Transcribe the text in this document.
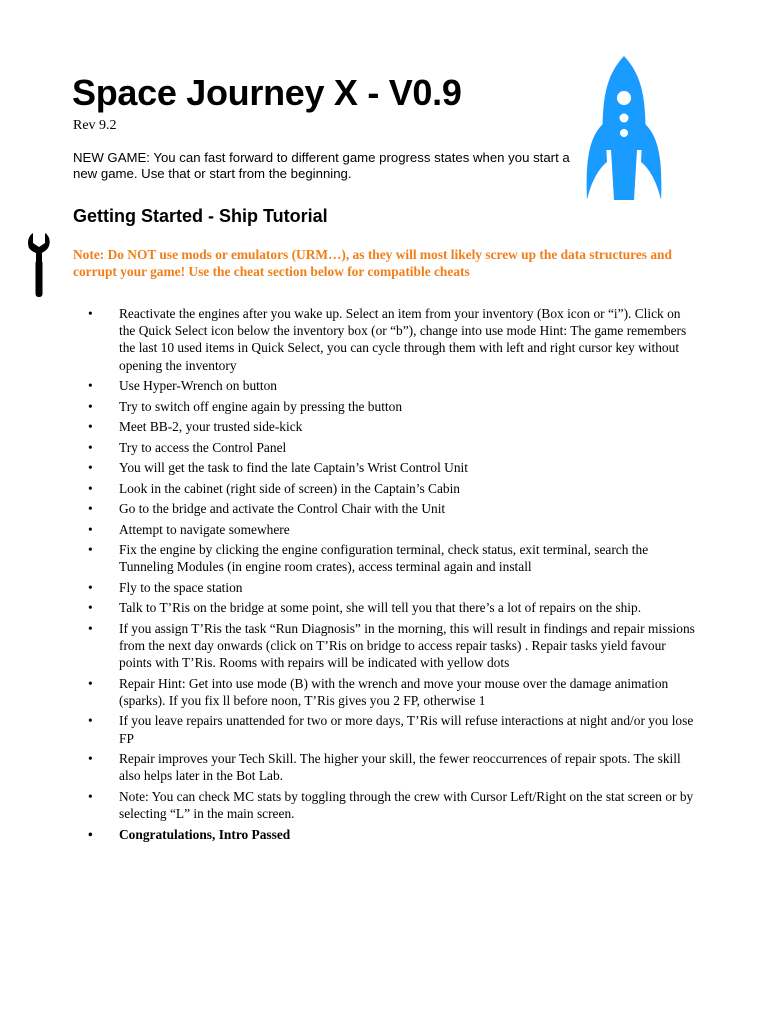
Space Journey X - V0.9
Rev 9.2
NEW GAME: You can fast forward to different game progress states when you start a new game. Use that or start from the beginning.
Getting Started - Ship Tutorial
Note: Do NOT use mods or emulators (URM…), as they will most likely screw up the data structures and corrupt your game! Use the cheat section below for compatible cheats
• Reactivate the engines after you wake up. Select an item from your inventory (Box icon or “i”). Click on the Quick Select icon below the inventory box (or “b”), change into use mode Hint: The game remembers the last 10 used items in Quick Select, you can cycle through them with left and right cursor key without opening the inventory
• Use Hyper-Wrench on button
• Try to switch off engine again by pressing the button
• Meet BB-2, your trusted side-kick
• Try to access the Control Panel
• You will get the task to find the late Captain’s Wrist Control Unit
• Look in the cabinet (right side of screen) in the Captain’s Cabin
• Go to the bridge and activate the Control Chair with the Unit
• Attempt to navigate somewhere
• Fix the engine by clicking the engine configuration terminal, check status, exit terminal, search the Tunneling Modules (in engine room crates), access terminal again and install
• Fly to the space station
• Talk to T’Ris on the bridge at some point, she will tell you that there’s a lot of repairs on the ship.
• If you assign T’Ris the task “Run Diagnosis” in the morning, this will result in findings and repair missions from the next day onwards (click on T’Ris on bridge to access repair tasks) . Repair tasks yield favour points with T’Ris. Rooms with repairs will be indicated with yellow dots
• Repair Hint: Get into use mode (B) with the wrench and move your mouse over the damage animation (sparks). If you fix ll before noon, T’Ris gives you 2 FP, otherwise 1
• If you leave repairs unattended for two or more days, T’Ris will refuse interactions at night and/or you lose FP
• Repair improves your Tech Skill. The higher your skill, the fewer reoccurrences of repair spots. The skill also helps later in the Bot Lab.
• Note: You can check MC stats by toggling through the crew with Cursor Left/Right on the stat screen or by selecting “L” in the main screen.
• Congratulations, Intro Passed
